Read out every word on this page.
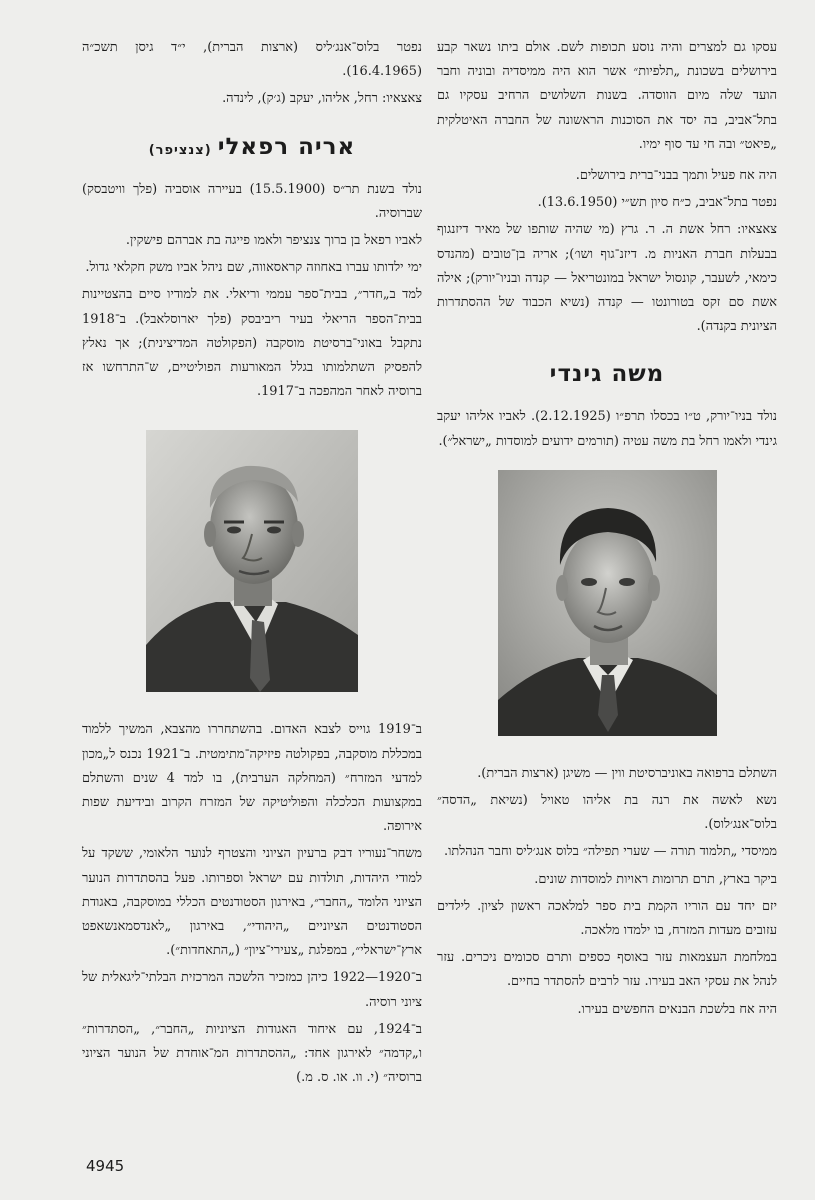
עסקו גם למצרים והיה נוסע תכופות לשם. אולם ביתו נשאר קבע בירושלים בשכונת „תלפיות״ אשר הוא היה ממיסדיה ובוניה וחבר הועד שלה מיום הווסדה. בשנות השלושים הרחיב עסקיו גם בתל־אביב, בה יסד את הסוכנות הראשונה של החברה האיטלקית „פיאט״ ובה חי עד סוף ימיו.

היה אח פעיל ותמך בבני־ברית בירושלים.

נפטר בתל־אביב, כ״ח סיון תש״י (13.6.1950).

צאצאיו: רחל אשת ה. ר. גרץ (מי שהיה שותפו של מאיר דיזנגוף בבעלות חברת האניות מ. דיזנ־גוף ושו׳); אריה בן־טובים (מהנדס כימאי, לשעבר, קונסול ישראל במונטריאל — קנדה ובניו־יורק); אילה אשת סם זקס בטורונטו — קנדה (נשיא הכבוד של ההסתדרות הציונית בקנדה).

משה גינדי

נולד בניו־יורק, ט״ו בכסלו תרפ״ו (2.12.1925). לאביו אליהו יעקב גינדי ולאמו רחל בת משה עטיה (תורמים ידועים למוסדות „ישראל״).

השתלם ברפואה באוניברסיטת ווין — משיגן (ארצות הברית).

נשא לאשה את רנה בת אליהו טאויל (נשיאת „הדסה״ בלוס־אנג׳לוס).

ממיסדי „תלמוד תורה — שערי תפילה״ בלוס אנג׳ליס וחבר הנהלתו.

ביקר בארץ, תרם תרומות ראויות למוסדות שונים.

יזם יחד עם הוריו הקמת בית ספר למלאכה ראשון לציון. לילדים עזובים מעדות המזרח, בו ילמדו מלאכה.

במלחמת העצמאות עזר באוסף כספים ותרם סכומים ניכרים. עזר לנהל את עסקי האב בעירו. עזר לרבים להסתדר בחיים.

היה אח בלשכת הבנאים החפשים בעירו.

נפטר בלוס־אנג׳ליס (ארצות הברית), י״ד גיסן תשכ״ה (16.4.1965).

צאצאיו: רחל, אליהו, יעקב (ג׳ק), לינדה.

אריה רפאלי(צנציפר)

נולד בשנת תר״ס (15.5.1900) בעיירה אוסביה (פלך וויטבסק) שברוסיה.

לאביו רפאל בן ברוך צנציפר ולאמו פייגה בת אברהם פישקין.

ימי ילדותו עברו באחוזה קראסאווה, שם ניהל אביו משק חקלאי גדול.

למד ב„חדר״, בבית־ספר עממי וריאלי. את למודיו סיים בהצטיינות בבית־הספר הריאלי בעיר ריביבסק (פלך יארוסלאבל). ב־1918 נתקבל באוני־ברסיטת מוסקבה (הפקולטה המדיצינית); אך נאלץ להפסיק השתלמותו בגלל המאורעות הפוליטיים, ש־התרחשו אז ברוסיה לאחר המהפכה ב־1917.

ב־1919 גוייס לצבא האדום. בהשתחררו מהצבא, המשיך ללמוד במכללת מוסקבה, בפקולטה פיזיקה־מתימטית. ב־1921 נכנס ל„מכון למדעי המזרח״ (המחלקה הערבית), בו למד 4 שנים והשתלם במקצועות הכלכלה והפוליטיקה של המזרח הקרוב ובידיעת שפות אירופה.

משחר־נעוריו דבק ברעיון הציוני והצטרף לנוער הלאומי, ששקד על למודי היהדות, תולדות עם ישראל וספרותו. פעל בהסתדרות הנוער הציוני הלומד „החבר״, באירגון הסטודנטים הכללי במוסקבה, באגודת הסטודנטים הציוניים „היהודי״, באירגון „לאנדסמאנשאפט ארץ־ישראלי״, במפלגת „צעירי־ציון״ („התאחדות״).

ב־1920—1922 כיהן כמזכיר הלשכה המרכזית הבלתי־ליגאלית של ציוני רוסיה.

ב־1924, עם איחוד האגודות הציוניות „החבר״, „הסתדרות״ ו„קדמה״ לאירגון אחד: „ההסתדרות המ־אוחדת של הנוער הציוני ברוסיה״ (י. וו. או. ס. מ.)

4945
